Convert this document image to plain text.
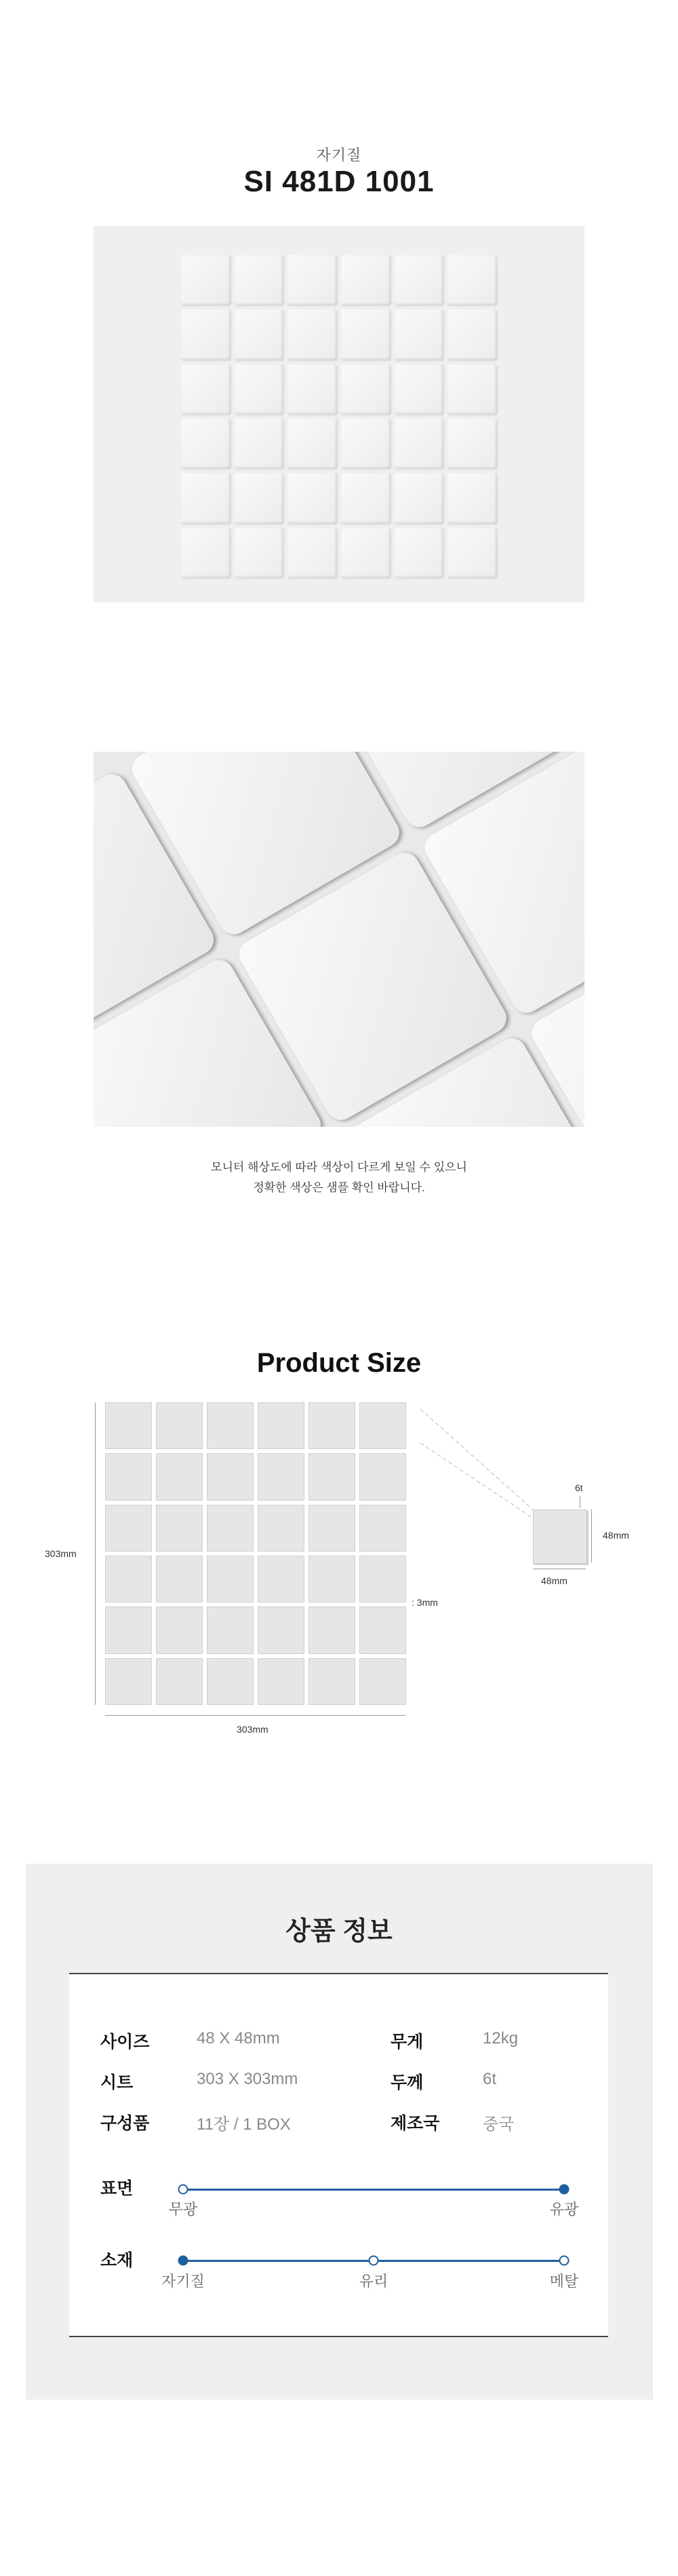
자기질
SI 481D 1001
모니터 해상도에 따라 색상이 다르게 보일 수 있으니
정확한 색상은 샘플 확인 바랍니다.
Product Size
303mm
303mm
: 3mm
6t
48mm
48mm
상품 정보
사이즈	48 X 48mm	무게	12kg
시트	303 X 303mm	두께	6t
구성품	11장 / 1 BOX	제조국	중국
표면
무광	유광
소재
자기질	유리	메탈
